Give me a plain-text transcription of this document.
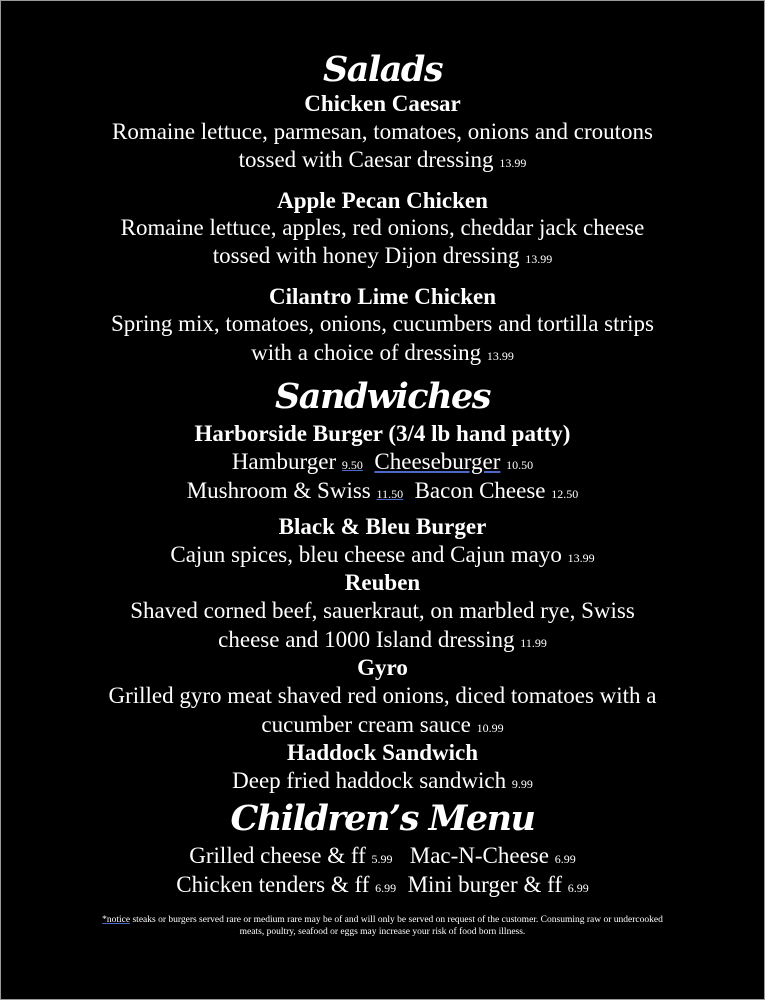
Salads
Chicken Caesar
Romaine lettuce, parmesan, tomatoes, onions and croutons
tossed with Caesar dressing 13.99
Apple Pecan Chicken
Romaine lettuce, apples, red onions, cheddar jack cheese
tossed with honey Dijon dressing 13.99
Cilantro Lime Chicken
Spring mix, tomatoes, onions, cucumbers and tortilla strips
with a choice of dressing 13.99
Sandwiches
Harborside Burger (3/4 lb hand patty)
Hamburger 9.50 Cheeseburger 10.50
Mushroom & Swiss 11.50 Bacon Cheese 12.50
Black & Bleu Burger
Cajun spices, bleu cheese and Cajun mayo 13.99
Reuben
Shaved corned beef, sauerkraut, on marbled rye, Swiss
cheese and 1000 Island dressing 11.99
Gyro
Grilled gyro meat shaved red onions, diced tomatoes with a
cucumber cream sauce 10.99
Haddock Sandwich
Deep fried haddock sandwich 9.99
Children’s Menu
Grilled cheese & ff 5.99 Mac-N-Cheese 6.99
Chicken tenders & ff 6.99 Mini burger & ff 6.99
*notice steaks or burgers served rare or medium rare may be of and will only be served on request of the customer. Consuming raw or undercooked
meats, poultry, seafood or eggs may increase your risk of food born illness.
